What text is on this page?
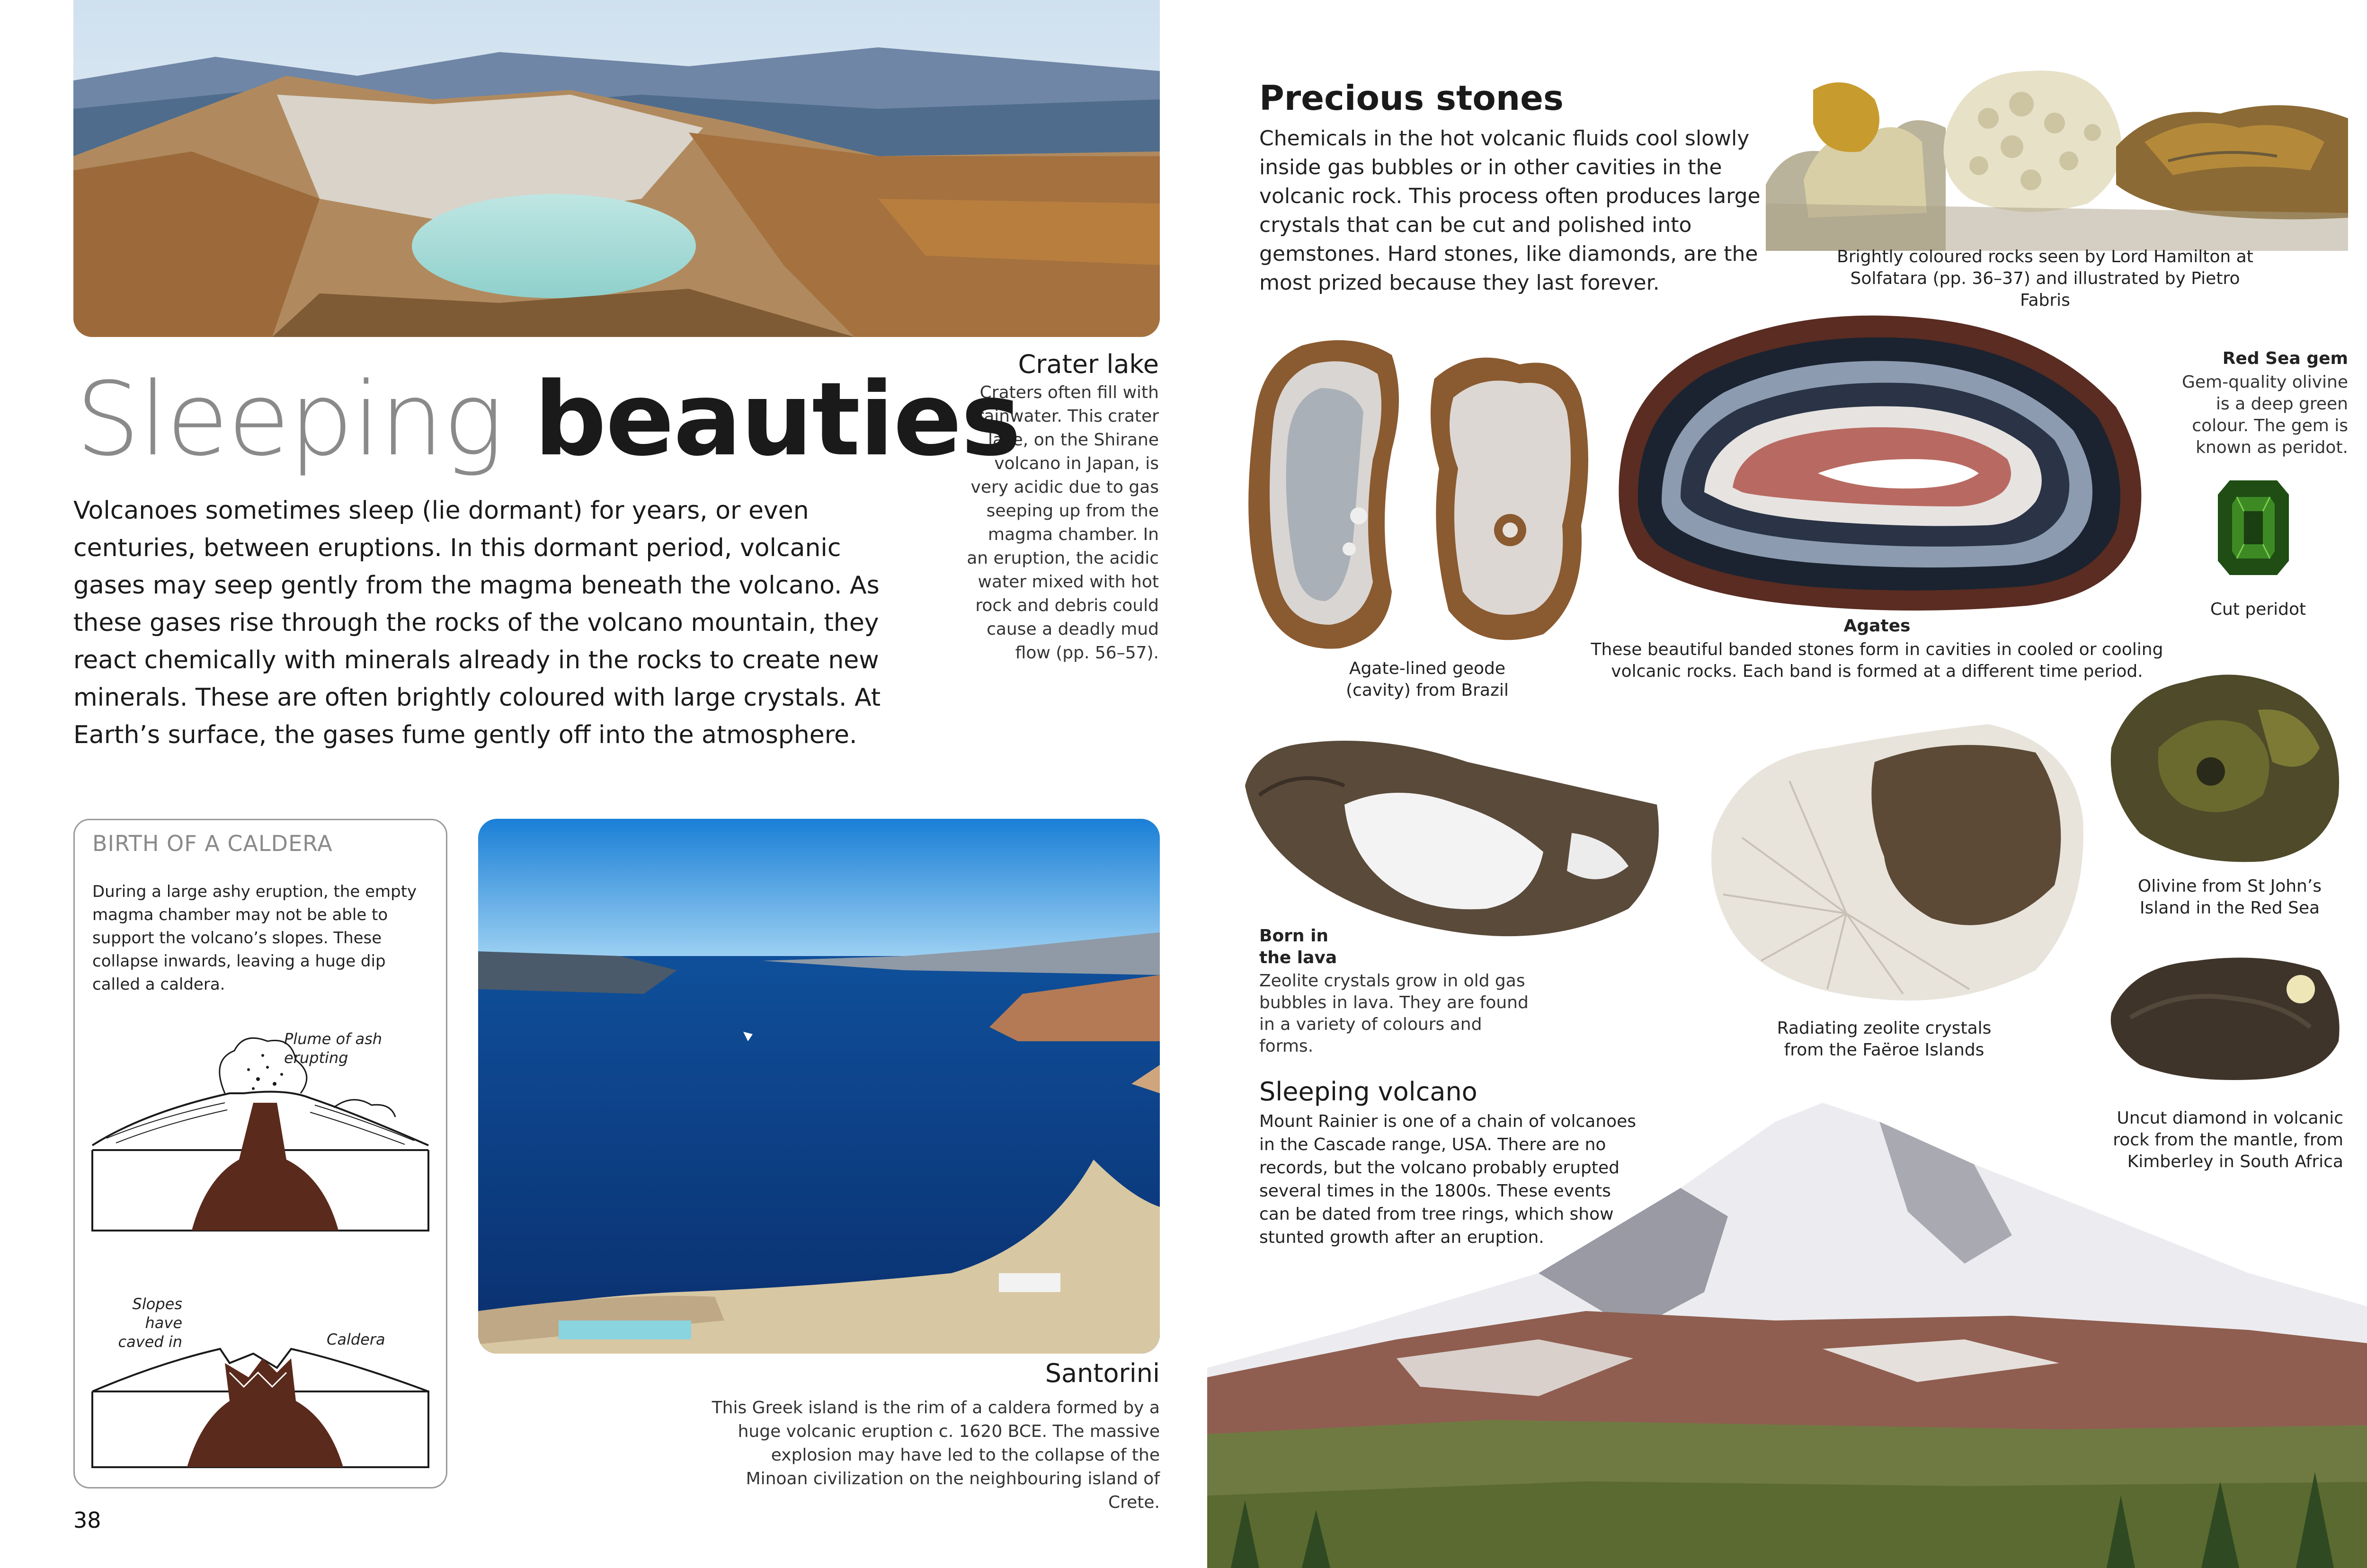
Crater lake
Craters often fill with rainwater. This crater lake, on the Shirane volcano in Japan, is very acidic due to gas seeping up from the magma chamber. In an eruption, the acidic water mixed with hot rock and debris could cause a deadly mud flow (pp. 56–57).
Sleeping beauties
Volcanoes sometimes sleep (lie dormant) for years, or even centuries, between eruptions. In this dormant period, volcanic gases may seep gently from the magma beneath the volcano. As these gases rise through the rocks of the volcano mountain, they react chemically with minerals already in the rocks to create new minerals. These are often brightly coloured with large crystals. At Earth’s surface, the gases fume gently off into the atmosphere.
BIRTH OF A CALDERA
During a large ashy eruption, the empty magma chamber may not be able to support the volcano’s slopes. These collapse inwards, leaving a huge dip called a caldera.
Plume of ash erupting
Slopes have caved in	Caldera
Santorini
This Greek island is the rim of a caldera formed by a huge volcanic eruption c. 1620 BCE. The massive explosion may have led to the collapse of the Minoan civilization on the neighbouring island of Crete.
38
Precious stones
Chemicals in the hot volcanic fluids cool slowly inside gas bubbles or in other cavities in the volcanic rock. This process often produces large crystals that can be cut and polished into gemstones. Hard stones, like diamonds, are the most prized because they last forever.
Brightly coloured rocks seen by Lord Hamilton at Solfatara (pp. 36–37) and illustrated by Pietro Fabris
Agate-lined geode (cavity) from Brazil
Agates
These beautiful banded stones form in cavities in cooled or cooling volcanic rocks. Each band is formed at a different time period.
Red Sea gem
Gem-quality olivine is a deep green colour. The gem is known as peridot.
Cut peridot
Born in the lava
Zeolite crystals grow in old gas bubbles in lava. They are found in a variety of colours and forms.
Radiating zeolite crystals from the Faëroe Islands
Olivine from St John’s Island in the Red Sea
Uncut diamond in volcanic rock from the mantle, from Kimberley in South Africa
Sleeping volcano
Mount Rainier is one of a chain of volcanoes in the Cascade range, USA. There are no records, but the volcano probably erupted several times in the 1800s. These events can be dated from tree rings, which show stunted growth after an eruption.
